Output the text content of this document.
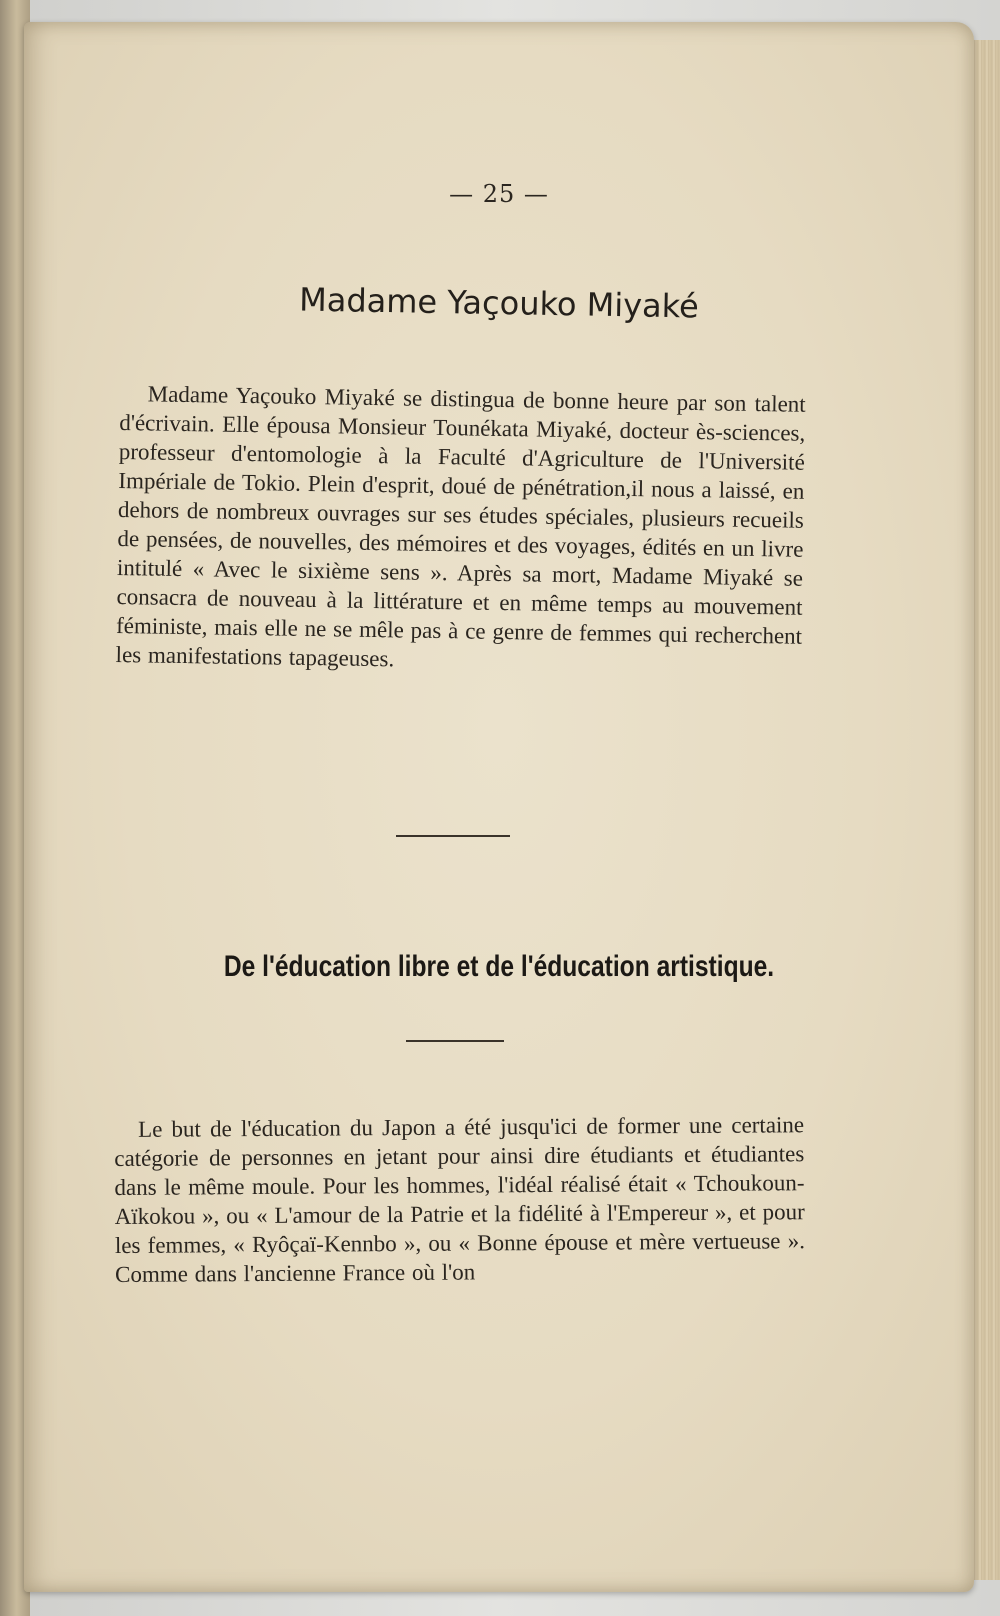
— 25 —
Madame Yaçouko Miyaké

Madame Yaçouko Miyaké se distingua de bonne heure par son talent d'écrivain. Elle épousa Monsieur Tounékata Miyaké, docteur ès-sciences, professeur d'entomologie à la Faculté d'Agriculture de l'Université Impériale de Tokio. Plein d'esprit, doué de pénétration,il nous a laissé, en dehors de nombreux ouvrages sur ses études spéciales, plusieurs recueils de pensées, de nouvelles, des mémoires et des voyages, édités en un livre intitulé « Avec le sixième sens ». Après sa mort, Madame Miyaké se consacra de nouveau à la littérature et en même temps au mouvement féministe, mais elle ne se mêle pas à ce genre de femmes qui recherchent les manifestations tapageuses.

De l'éducation libre et de l'éducation artistique.

Le but de l'éducation du Japon a été jusqu'ici de former une certaine catégorie de personnes en jetant pour ainsi dire étudiants et étudiantes dans le même moule. Pour les hommes, l'idéal réalisé était « Tchoukoun-Aïkokou », ou « L'amour de la Patrie et la fidélité à l'Empereur », et pour les femmes, « Ryôçaï-Kennbo », ou « Bonne épouse et mère vertueuse ». Comme dans l'ancienne France où l'on
